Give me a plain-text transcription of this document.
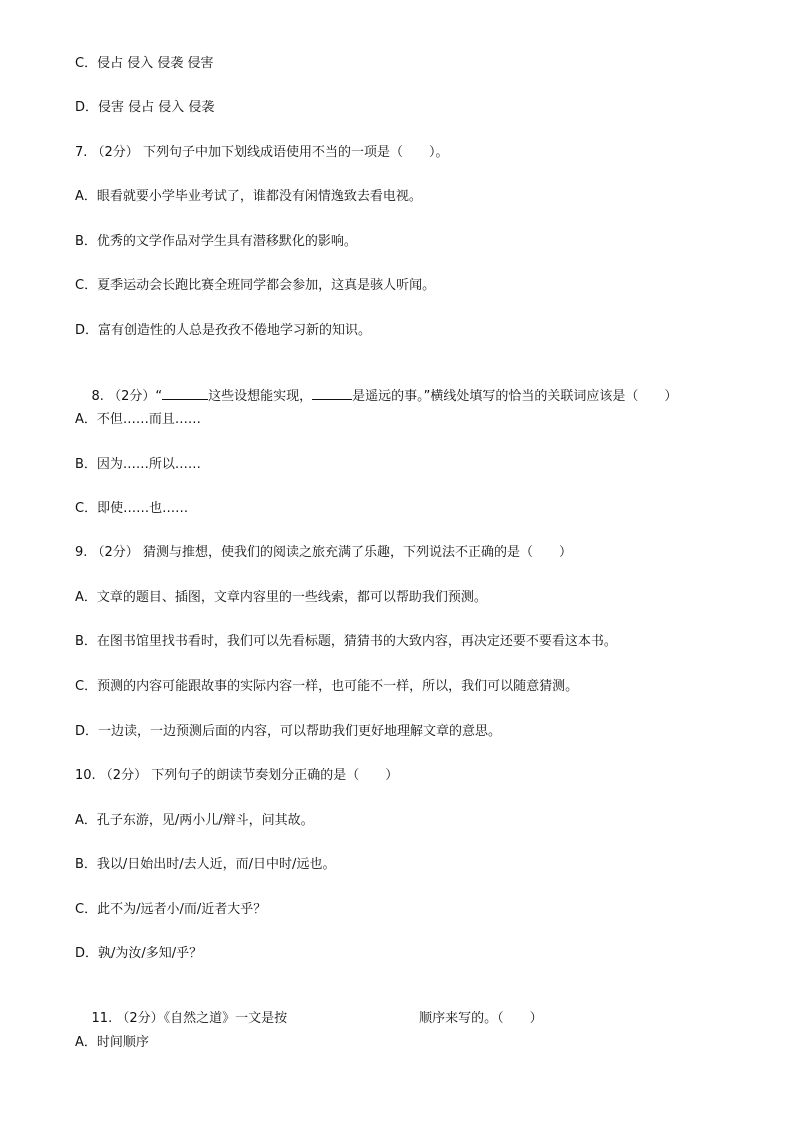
C．侵占 侵入 侵袭 侵害
D．侵害 侵占 侵入 侵袭
7. （2分） 下列句子中加下划线成语使用不当的一项是（　　）。
A．眼看就要小学毕业考试了，谁都没有闲情逸致去看电视。
B．优秀的文学作品对学生具有潜移默化的影响。
C．夏季运动会长跑比赛全班同学都会参加，这真是骇人听闻。
D．富有创造性的人总是孜孜不倦地学习新的知识。

8. （2分）“	这些设想能实现，	是遥远的事。”横线处填写的恰当的关联词应该是（　　）

A．不但……而且……
B．因为……所以……
C．即使……也……
9. （2分） 猜测与推想，使我们的阅读之旅充满了乐趣，下列说法不正确的是（　　）
A．文章的题目、插图，文章内容里的一些线索，都可以帮助我们预测。
B．在图书馆里找书看时，我们可以先看标题，猜猜书的大致内容，再决定还要不要看这本书。
C．预测的内容可能跟故事的实际内容一样，也可能不一样，所以，我们可以随意猜测。
D．一边读，一边预测后面的内容，可以帮助我们更好地理解文章的意思。
10. （2分） 下列句子的朗读节奏划分正确的是（　　）
A．孔子东游，见/两小儿/辩斗，问其故。
B．我以/日始出时/去人近，而/日中时/远也。
C．此不为/远者小/而/近者大乎？
D．孰/为汝/多知/乎？

11. （2分）《自然之道》一文是按	顺序来写的。（　　）

A．时间顺序
